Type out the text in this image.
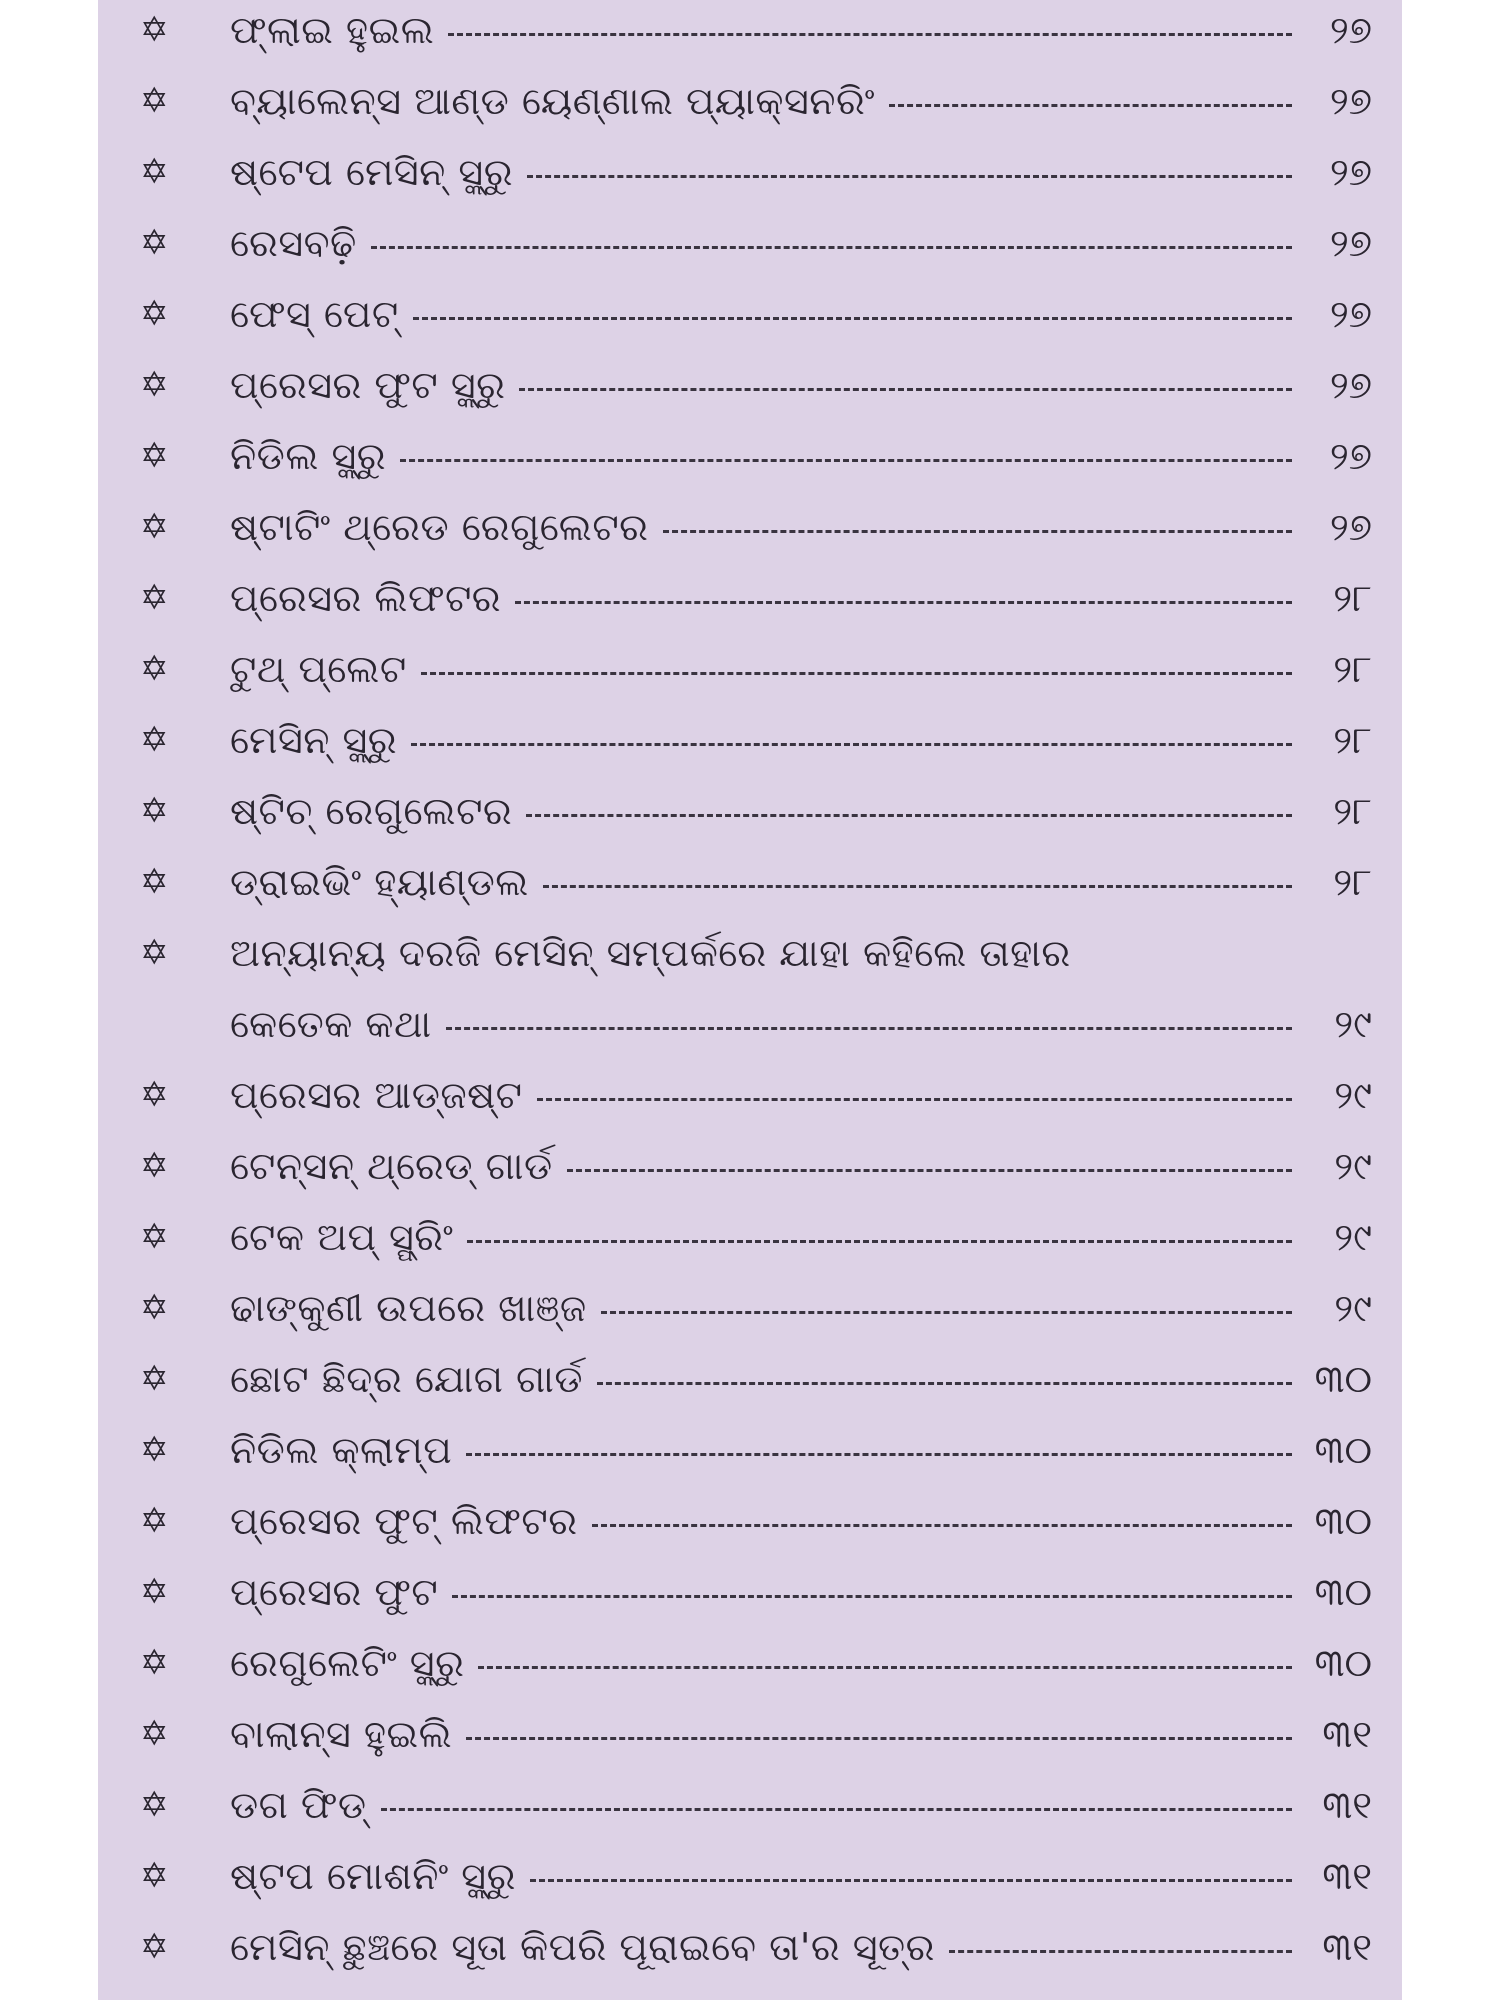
✡ ଫ୍ଲାଇ ହୁଇଲ	୨୭
✡ ବ୍ୟାଲେନ୍‌ସ ଆଣ୍ଡ ୟେଣ୍ଣାଲ ପ୍ୟାକ୍‌ସନରିଂ	୨୭
✡ ଷ୍ଟେପ ମେସିନ୍ ସ୍କ୍ରୁ	୨୭
✡ ରେସବଢ଼ି	୨୭
✡ ଫେସ୍ ପେଟ୍	୨୭
✡ ପ୍ରେସର ଫୁଟ ସ୍କ୍ରୁ	୨୭
✡ ନିଡିଲ ସ୍କ୍ରୁ	୨୭
✡ ଷ୍ଟାଟିଂ ଥ୍ରେଡ ରେଗୁଲେଟର	୨୭
✡ ପ୍ରେସର ଲିଫଟର	୨୮
✡ ଟୁଥ୍ ପ୍ଲେଟ	୨୮
✡ ମେସିନ୍ ସ୍କ୍ରୁ	୨୮
✡ ଷ୍ଟିଚ୍ ରେଗୁଲେଟର	୨୮
✡ ଡ୍ରାଇଭିଂ ହ୍ୟାଣ୍ଡଲ	୨୮
✡ ଅନ୍ୟାନ୍ୟ ଦରଜି ମେସିନ୍ ସମ୍ପର୍କରେ ଯାହା କହିଲେ ତାହାର
କେତେକ କଥା	୨୯
✡ ପ୍ରେସର ଆଡ୍‌ଜଷ୍ଟ	୨୯
✡ ଟେନ୍‌ସନ୍ ଥ୍ରେଡ୍ ଗାର୍ଡ	୨୯
✡ ଟେକ ଅପ୍ ସ୍ପ୍ରିଂ	୨୯
✡ ଢାଙ୍କୁଣୀ ଉପରେ ଖାଞ୍ଜ	୨୯
✡ ଛୋଟ ଛିଦ୍ର ଯୋଗ ଗାର୍ଡ	୩୦
✡ ନିଡିଲ କ୍ଲାମ୍ପ	୩୦
✡ ପ୍ରେସର ଫୁଟ୍ ଲିଫଟର	୩୦
✡ ପ୍ରେସର ଫୁଟ	୩୦
✡ ରେଗୁଲେଟିଂ ସ୍କ୍ରୁ	୩୦
✡ ବାଲାନ୍‌ସ ହୁଇଲି	୩୧
✡ ଡଗ ଫିଡ୍	୩୧
✡ ଷ୍ଟପ ମୋଶନିଂ ସ୍କ୍ରୁ	୩୧
✡ ମେସିନ୍ ଛୁଞ୍ଚରେ ସୂତା କିପରି ପୂରାଇବେ ତା'ର ସୂତ୍ର	୩୧
